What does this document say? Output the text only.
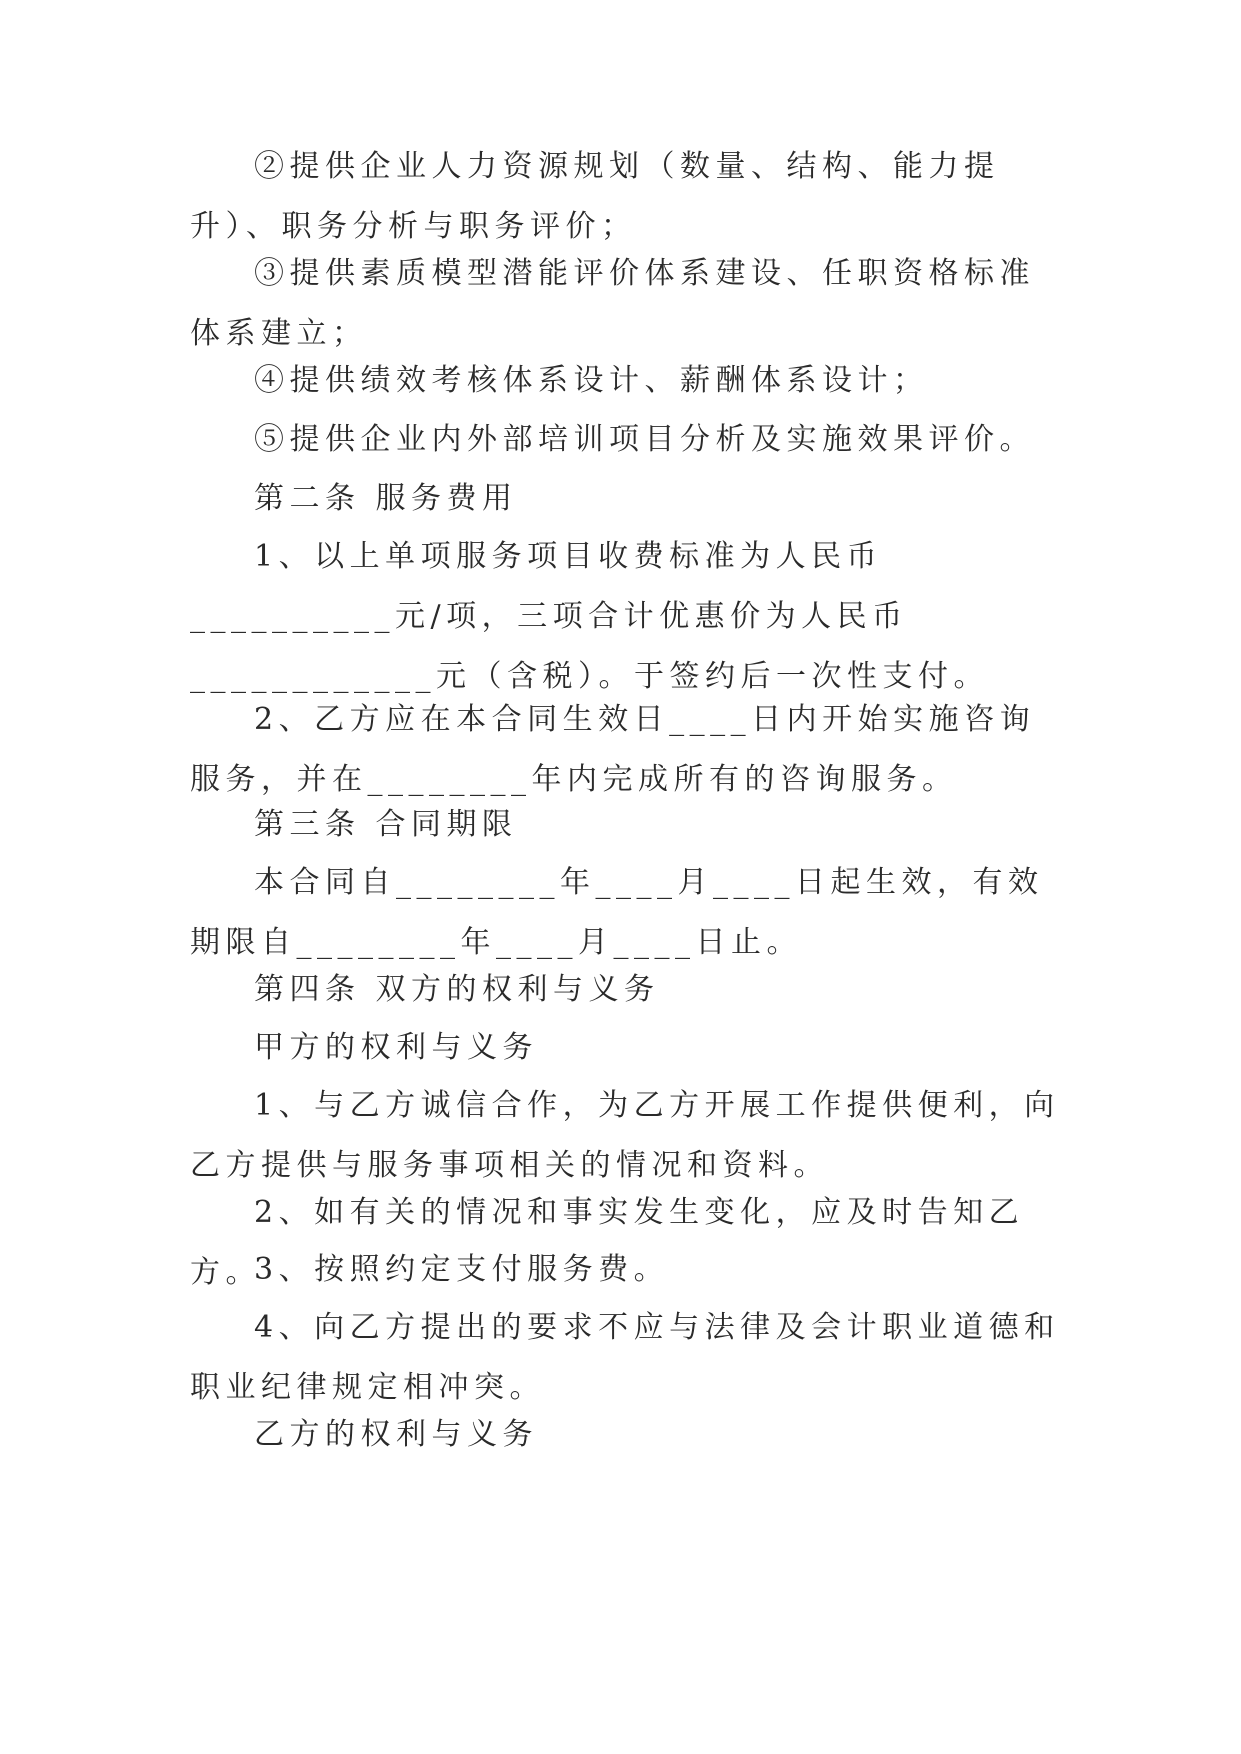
②提供企业人力资源规划（数量、结构、能力提升）、职务分析与职务评价；

③提供素质模型潜能评价体系建设、任职资格标准体系建立；

④提供绩效考核体系设计、薪酬体系设计；

⑤提供企业内外部培训项目分析及实施效果评价。

第二条 服务费用

1、以上单项服务项目收费标准为人民币__________元/项，三项合计优惠价为人民币____________元（含税）。于签约后一次性支付。

2、乙方应在本合同生效日____日内开始实施咨询服务，并在________年内完成所有的咨询服务。

第三条 合同期限

本合同自________年____月____日起生效，有效期限自________年____月____日止。

第四条 双方的权利与义务

甲方的权利与义务

1、与乙方诚信合作，为乙方开展工作提供便利，向乙方提供与服务事项相关的情况和资料。

2、如有关的情况和事实发生变化，应及时告知乙方。

3、按照约定支付服务费。

4、向乙方提出的要求不应与法律及会计职业道德和职业纪律规定相冲突。

乙方的权利与义务
